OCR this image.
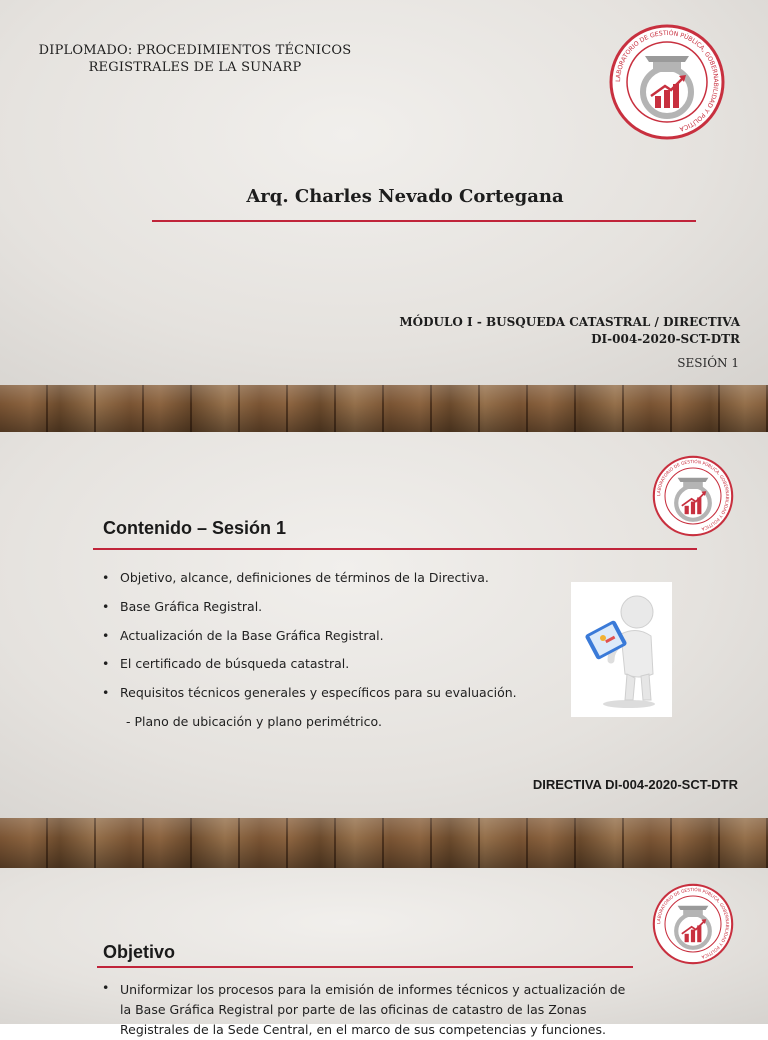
DIPLOMADO: PROCEDIMIENTOS TÉCNICOS
REGISTRALES DE LA SUNARP
LABORATORIO DE GESTIÓN PÚBLICA, GOBERNABILIDAD Y POLÍTICA
Arq. Charles Nevado Cortegana
MÓDULO I - BUSQUEDA CATASTRAL / DIRECTIVA
DI-004-2020-SCT-DTR
SESIÓN 1
LABORATORIO DE GESTIÓN PÚBLICA, GOBERNABILIDAD Y POLÍTICA
Contenido – Sesión 1
• Objetivo, alcance, definiciones de términos de la Directiva.
• Base Gráfica Registral.
• Actualización de la Base Gráfica Registral.
• El certificado de búsqueda catastral.
• Requisitos técnicos generales y específicos para su evaluación.
- Plano de ubicación y plano perimétrico.
DIRECTIVA DI-004-2020-SCT-DTR
LABORATORIO DE GESTIÓN PÚBLICA, GOBERNABILIDAD Y POLÍTICA
Objetivo
• Uniformizar los procesos para la emisión de informes técnicos y actualización de la Base Gráfica Registral por parte de las oficinas de catastro de las Zonas Registrales de la Sede Central, en el marco de sus competencias y funciones.
